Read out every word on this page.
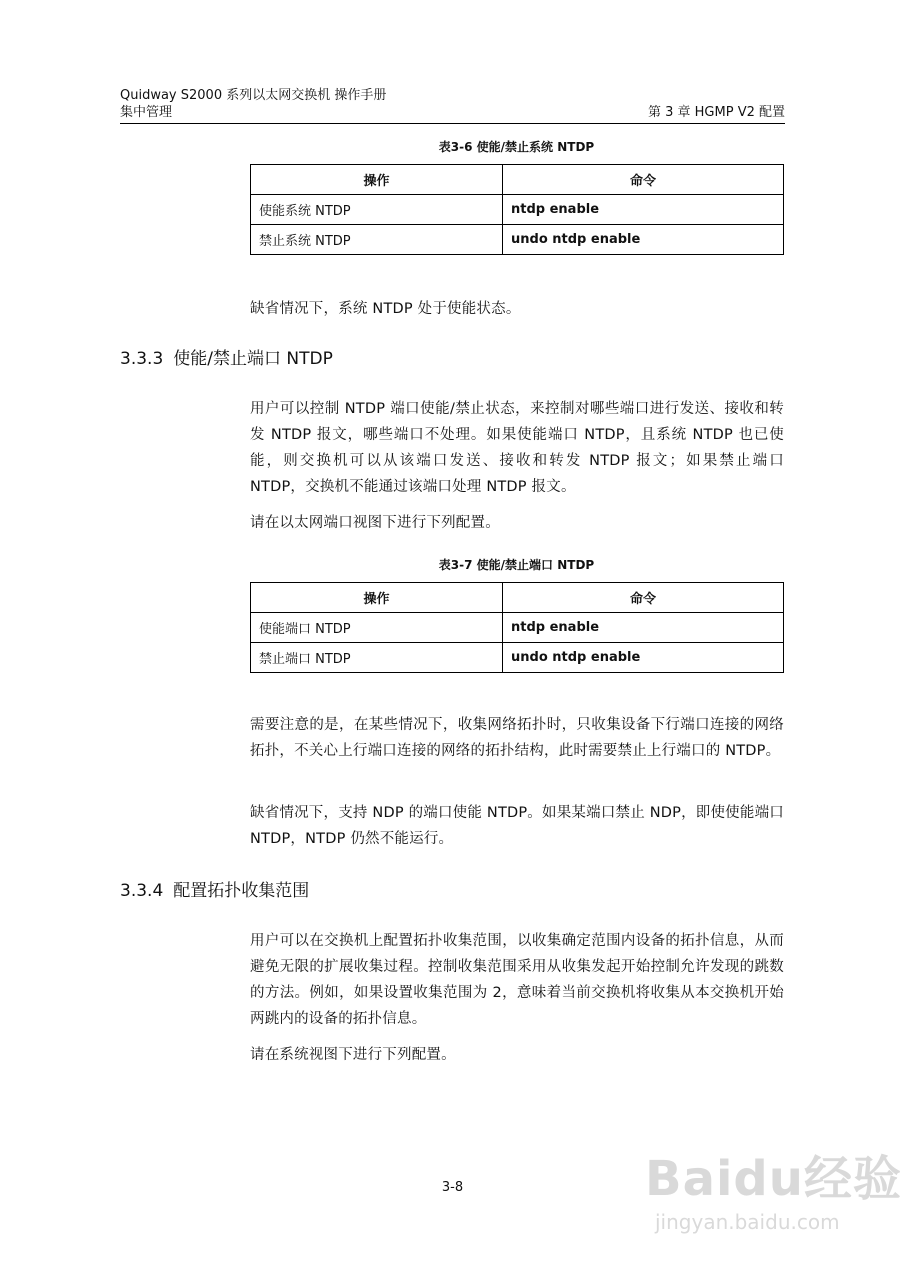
Quidway S2000 系列以太网交换机 操作手册
集中管理	第 3 章 HGMP V2 配置
表3-6 使能/禁止系统 NTDP
操作	命令
使能系统 NTDP	ntdp enable
禁止系统 NTDP	undo ntdp enable
缺省情况下，系统 NTDP 处于使能状态。
3.3.3 使能/禁止端口 NTDP
用户可以控制 NTDP 端口使能/禁止状态，来控制对哪些端口进行发送、接收和转发 NTDP 报文，哪些端口不处理。如果使能端口 NTDP，且系统 NTDP 也已使能，则交换机可以从该端口发送、接收和转发 NTDP 报文；如果禁止端口 NTDP，交换机不能通过该端口处理 NTDP 报文。
请在以太网端口视图下进行下列配置。
表3-7 使能/禁止端口 NTDP
操作	命令
使能端口 NTDP	ntdp enable
禁止端口 NTDP	undo ntdp enable
需要注意的是，在某些情况下，收集网络拓扑时，只收集设备下行端口连接的网络拓扑，不关心上行端口连接的网络的拓扑结构，此时需要禁止上行端口的 NTDP。
缺省情况下，支持 NDP 的端口使能 NTDP。如果某端口禁止 NDP，即使使能端口 NTDP，NTDP 仍然不能运行。
3.3.4 配置拓扑收集范围
用户可以在交换机上配置拓扑收集范围，以收集确定范围内设备的拓扑信息，从而避免无限的扩展收集过程。控制收集范围采用从收集发起开始控制允许发现的跳数的方法。例如，如果设置收集范围为 2，意味着当前交换机将收集从本交换机开始两跳内的设备的拓扑信息。
请在系统视图下进行下列配置。
3-8	Baidu经验
jingyan.baidu.com
